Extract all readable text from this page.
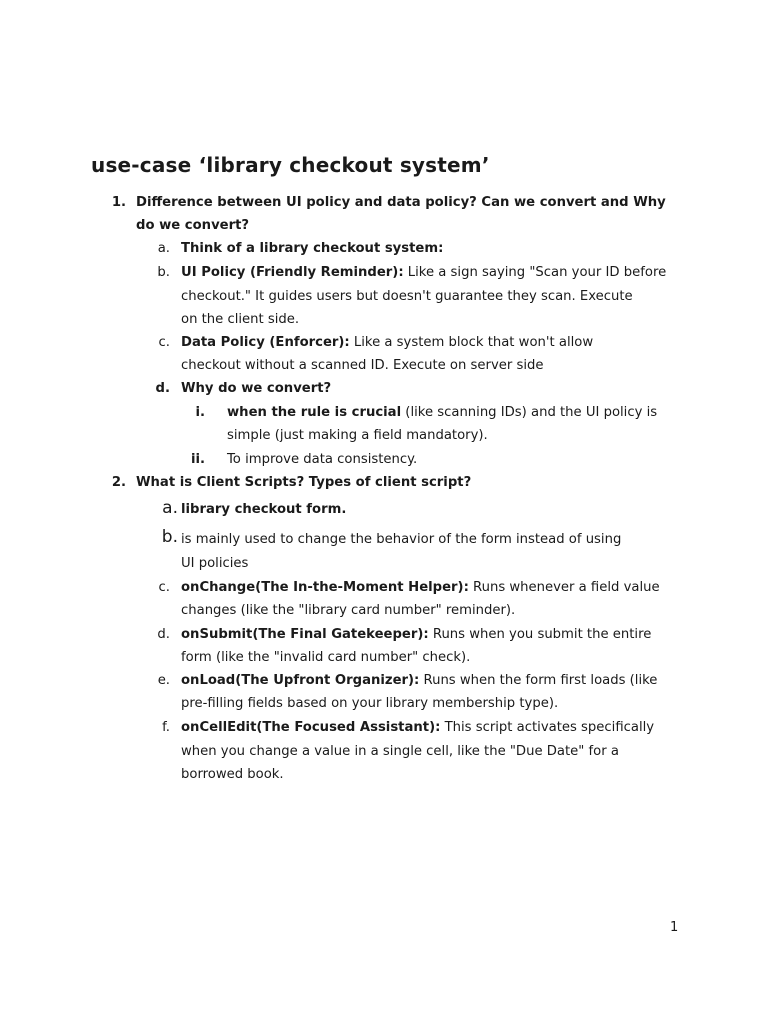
use-case ‘library checkout system’
1. Difference between UI policy and data policy? Can we convert and Why
do we convert?
a. Think of a library checkout system:
b. UI Policy (Friendly Reminder): Like a sign saying "Scan your ID before
checkout." It guides users but doesn't guarantee they scan. Execute
on the client side.
c. Data Policy (Enforcer): Like a system block that won't allow
checkout without a scanned ID. Execute on server side
d. Why do we convert?
i. when the rule is crucial (like scanning IDs) and the UI policy is
simple (just making a field mandatory).
ii. To improve data consistency.
2. What is Client Scripts? Types of client script?
a. library checkout form.
b. is mainly used to change the behavior of the form instead of using
UI policies
c. onChange(The In-the-Moment Helper): Runs whenever a field value
changes (like the "library card number" reminder).
d. onSubmit(The Final Gatekeeper): Runs when you submit the entire
form (like the "invalid card number" check).
e. onLoad(The Upfront Organizer): Runs when the form first loads (like
pre-filling fields based on your library membership type).
f. onCellEdit(The Focused Assistant): This script activates specifically
when you change a value in a single cell, like the "Due Date" for a
borrowed book.
1
